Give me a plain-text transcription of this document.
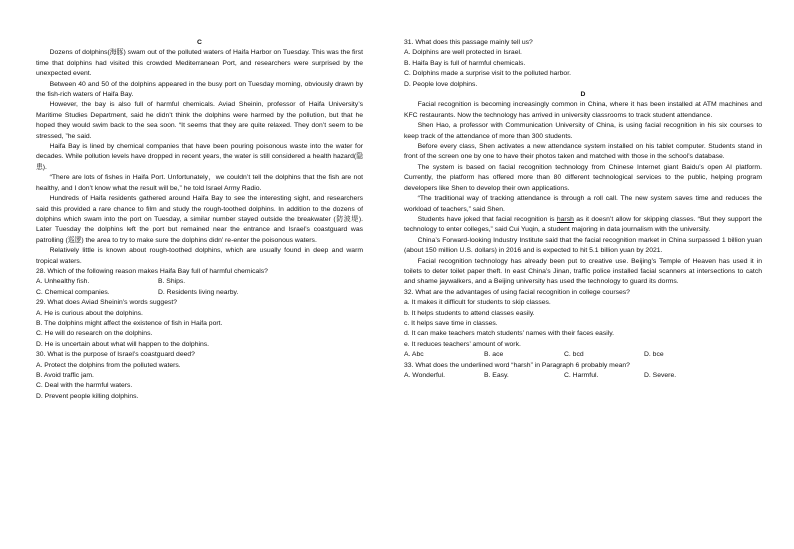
C
Dozens of dolphins(海豚) swam out of the polluted waters of Haifa Harbor on Tuesday. This was the first time that dolphins had visited this crowded Mediterranean Port, and researchers were surprised by the unexpected event.
Between 40 and 50 of the dolphins appeared in the busy port on Tuesday morning, obviously drawn by the fish-rich waters of Haifa Bay.
However, the bay is also full of harmful chemicals. Aviad Sheinin, professor of Haifa University’s Maritime Studies Department, said he didn’t think the dolphins were harmed by the pollution, but that he hoped they would swim back to the sea soon. “It seems that they are quite relaxed. They don’t seem to be stressed, ”he said.
Haifa Bay is lined by chemical companies that have been pouring poisonous waste into the water for decades. While pollution levels have dropped in recent years, the water is still considered a health hazard(隐患).
“There are lots of fishes in Haifa Port. Unfortunately，we couldn’t tell the dolphins that the fish are not healthy, and I don’t know what the result will be,” he told Israel Army Radio.
Hundreds of Haifa residents gathered around Haifa Bay to see the interesting sight, and researchers said this provided a rare chance to film and study the rough-toothed dolphins. In addition to the dozens of dolphins which swam into the port on Tuesday, a similar number stayed outside the breakwater (防波堤). Later Tuesday the dolphins left the port but remained near the entrance and Israel’s coastguard was patrolling (巡逻) the area to try to make sure the dolphins didn’ re-enter the poisonous waters.
Relatively little is known about rough-toothed dolphins, which are usually found in deep and warm tropical waters.
28. Which of the following reason makes Haifa Bay full of harmful chemicals?
A. Unhealthy fish.	B. Ships.
C. Chemical companies.	D. Residents living nearby.
29. What does Aviad Sheinin’s words suggest?
A. He is curious about the dolphins.
B. The dolphins might affect the existence of fish in Haifa port.
C. He will do research on the dolphins.
D. He is uncertain about what will happen to the dolphins.
30. What is the purpose of Israel’s coastguard deed?
A. Protect the dolphins from the polluted waters.
B. Avoid traffic jam.
C. Deal with the harmful waters.
D. Prevent people killing dolphins.
31. What does this passage mainly tell us?
A. Dolphins are well protected in Israel.
B. Haifa Bay is full of harmful chemicals.
C. Dolphins made a surprise visit to the polluted harbor.
D. People love dolphins.
D
Facial recognition is becoming increasingly common in China, where it has been installed at ATM machines and KFC restaurants. Now the technology has arrived in university classrooms to track student attendance.
Shen Hao, a professor with Communication University of China, is using facial recognition in his six courses to keep track of the attendance of more than 300 students.
Before every class, Shen activates a new attendance system installed on his tablet computer. Students stand in front of the screen one by one to have their photos taken and matched with those in the school’s database.
The system is based on facial recognition technology from Chinese Internet giant Baidu’s open AI platform. Currently, the platform has offered more than 80 different technological services to the public, helping program developers like Shen to develop their own applications.
“The traditional way of tracking attendance is through a roll call. The new system saves time and reduces the workload of teachers,” said Shen.
Students have joked that facial recognition is harsh as it doesn’t allow for skipping classes. “But they support the technology to enter colleges,” said Cui Yuqin, a student majoring in data journalism with the university.
China’s Forward-looking Industry Institute said that the facial recognition market in China surpassed 1 billion yuan (about 150 million U.S. dollars) in 2016 and is expected to hit 5.1 billion yuan by 2021.
Facial recognition technology has already been put to creative use. Beijing’s Temple of Heaven has used it in toilets to deter toilet paper theft. In east China’s Jinan, traffic police installed facial scanners at intersections to catch and shame jaywalkers, and a Beijing university has used the technology to guard its dorms.
32. What are the advantages of using facial recognition in college courses?
a. It makes it difficult for students to skip classes.
b. It helps students to attend classes easily.
c. It helps save time in classes.
d. It can make teachers match students’ names with their faces easily.
e. It reduces teachers’ amount of work.
A. Abc	B. ace	C. bcd	D. bce
33. What does the underlined word “harsh” in Paragraph 6 probably mean?
A. Wonderful.	B. Easy.	C. Harmful.	D. Severe.
